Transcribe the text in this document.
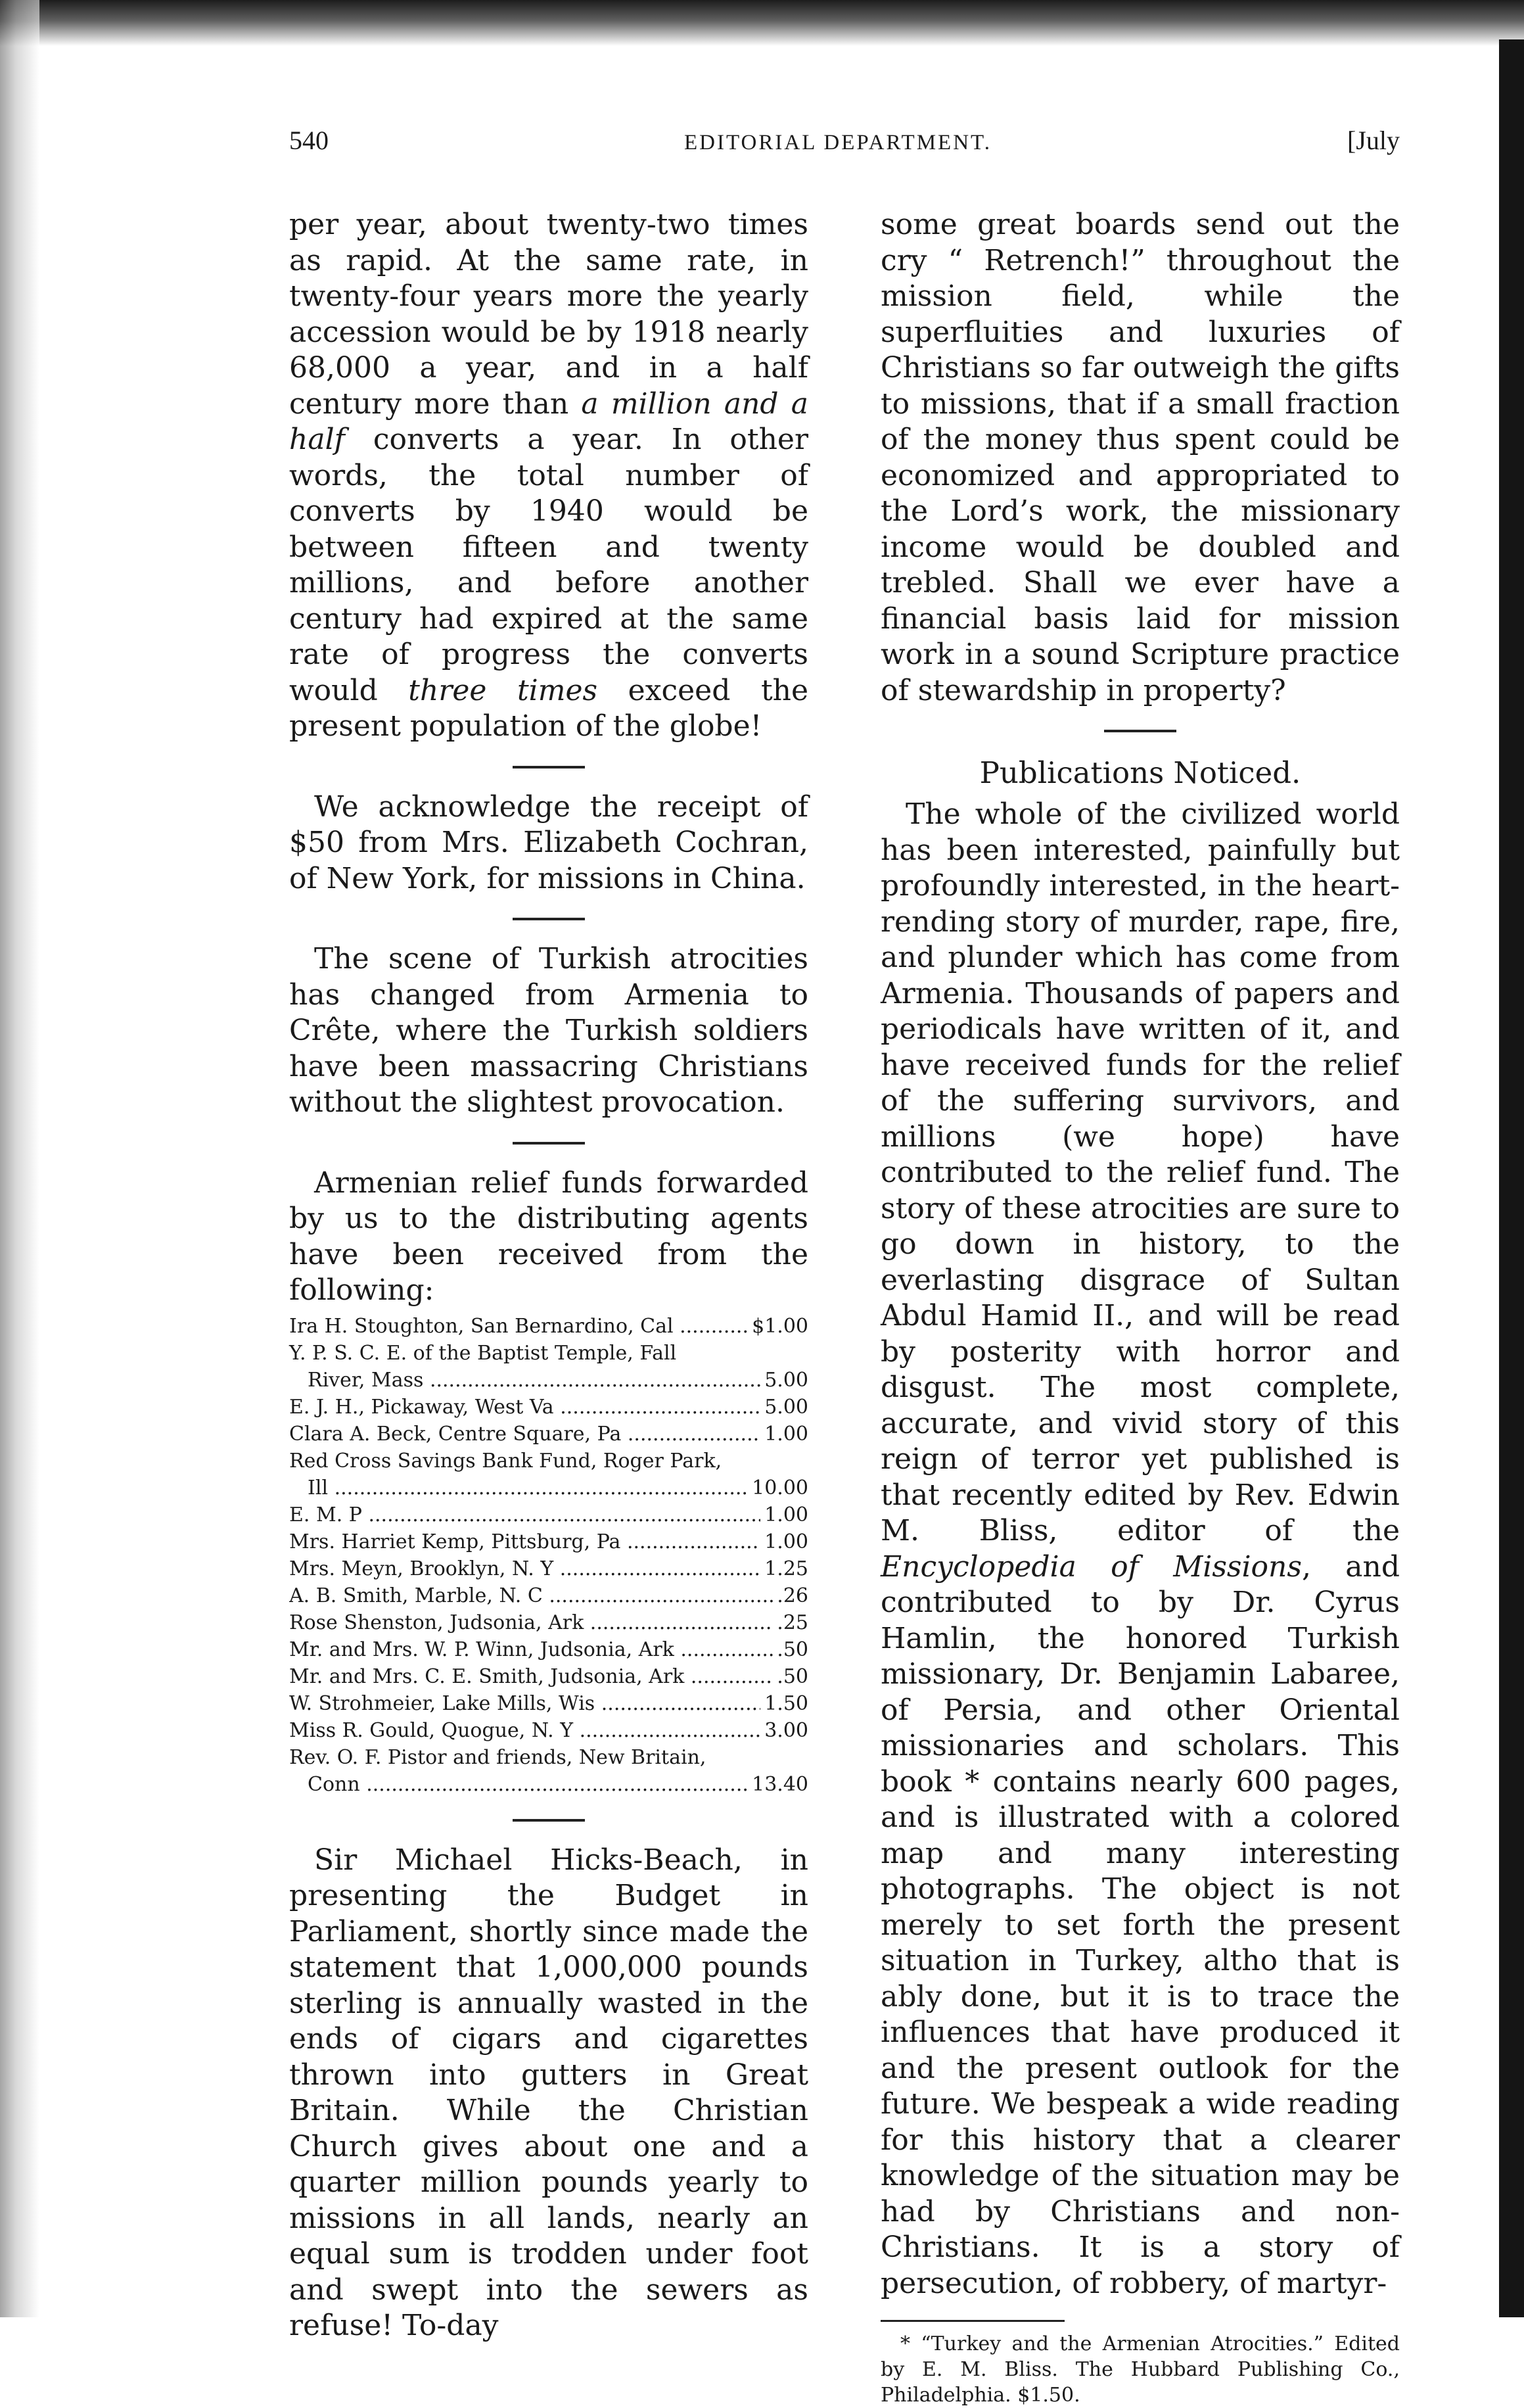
540	EDITORIAL DEPARTMENT.	[July

per year, about twenty-two times as rapid. At the same rate, in twenty-four years more the yearly accession would be by 1918 nearly 68,000 a year, and in a half century more than a million and a half converts a year. In other words, the total number of converts by 1940 would be between fifteen and twenty millions, and before another century had expired at the same rate of progress the converts would three times exceed the present population of the globe!

We acknowledge the receipt of $50 from Mrs. Elizabeth Cochran, of New York, for missions in China.

The scene of Turkish atrocities has changed from Armenia to Crête, where the Turkish soldiers have been massacring Christians without the slightest provocation.

Armenian relief funds forwarded by us to the distributing agents have been received from the following:

Ira H. Stoughton, San Bernardino, Cal .....	$1.00
Y. P. S. C. E. of the Baptist Temple, Fall
River, Mass .....	5.00
E. J. H., Pickaway, West Va .....	5.00
Clara A. Beck, Centre Square, Pa .....	1.00
Red Cross Savings Bank Fund, Roger Park,
Ill .....	10.00
E. M. P .....	1.00
Mrs. Harriet Kemp, Pittsburg, Pa .....	1.00
Mrs. Meyn, Brooklyn, N. Y .....	1.25
A. B. Smith, Marble, N. C .....	.26
Rose Shenston, Judsonia, Ark .....	.25
Mr. and Mrs. W. P. Winn, Judsonia, Ark .....	.50
Mr. and Mrs. C. E. Smith, Judsonia, Ark .....	.50
W. Strohmeier, Lake Mills, Wis .....	1.50
Miss R. Gould, Quogue, N. Y .....	3.00
Rev. O. F. Pistor and friends, New Britain,
Conn .....	13.40

Sir Michael Hicks-Beach, in presenting the Budget in Parliament, shortly since made the statement that 1,000,000 pounds sterling is annually wasted in the ends of cigars and cigarettes thrown into gutters in Great Britain. While the Christian Church gives about one and a quarter million pounds yearly to missions in all lands, nearly an equal sum is trodden under foot and swept into the sewers as refuse! To-day

some great boards send out the cry “ Retrench!” throughout the mission field, while the superfluities and luxuries of Christians so far outweigh the gifts to missions, that if a small fraction of the money thus spent could be economized and appropriated to the Lord’s work, the missionary income would be doubled and trebled. Shall we ever have a financial basis laid for mission work in a sound Scripture practice of stewardship in property?

Publications Noticed.

The whole of the civilized world has been interested, painfully but profoundly interested, in the heart-rending story of murder, rape, fire, and plunder which has come from Armenia. Thousands of papers and periodicals have written of it, and have received funds for the relief of the suffering survivors, and millions (we hope) have contributed to the relief fund. The story of these atrocities are sure to go down in history, to the everlasting disgrace of Sultan Abdul Hamid II., and will be read by posterity with horror and disgust. The most complete, accurate, and vivid story of this reign of terror yet published is that recently edited by Rev. Edwin M. Bliss, editor of the Encyclopedia of Missions, and contributed to by Dr. Cyrus Hamlin, the honored Turkish missionary, Dr. Benjamin Labaree, of Persia, and other Oriental missionaries and scholars. This book * contains nearly 600 pages, and is illustrated with a colored map and many interesting photographs. The object is not merely to set forth the present situation in Turkey, altho that is ably done, but it is to trace the influences that have produced it and the present outlook for the future. We bespeak a wide reading for this history that a clearer knowledge of the situation may be had by Christians and non-Christians. It is a story of persecution, of robbery, of martyr-

* “Turkey and the Armenian Atrocities.” Edited by E. M. Bliss. The Hubbard Publishing Co., Philadelphia. $1.50.
